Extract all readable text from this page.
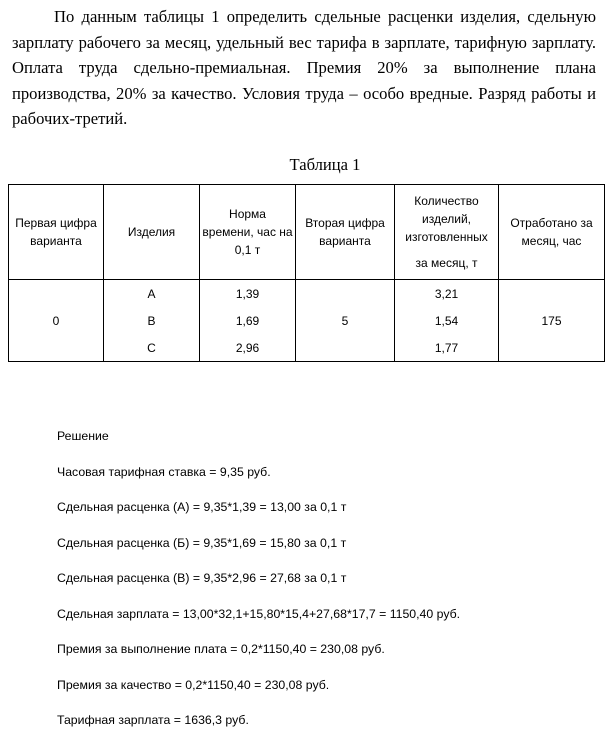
По данным таблицы 1 определить сдельные расценки изделия, сдельную зарплату рабочего за месяц, удельный вес тарифа в зарплате, тарифную зарплату. Оплата труда сдельно-премиальная. Премия 20% за выполнение плана производства, 20% за качество. Условия труда – особо вредные. Разряд работы и рабочих-третий.

Таблица 1

Первая цифра варианта	Изделия	Норма времени, час на 0,1 т	Вторая цифра варианта	Количество изделий, изготовленных
за месяц, т	Отработано за месяц, час
0	А	1,39	5	3,21	175
	В	1,69		1,54	
	С	2,96		1,77	
Решение
Часовая тарифная ставка = 9,35 руб.
Сдельная расценка (А) = 9,35*1,39 = 13,00 за 0,1 т
Сдельная расценка (Б) = 9,35*1,69 = 15,80 за 0,1 т
Сдельная расценка (В) = 9,35*2,96 = 27,68 за 0,1 т
Сдельная зарплата = 13,00*32,1+15,80*15,4+27,68*17,7 = 1150,40 руб.
Премия за выполнение плата = 0,2*1150,40 = 230,08 руб.
Премия за качество = 0,2*1150,40 = 230,08 руб.
Тарифная зарплата = 1636,3 руб.
